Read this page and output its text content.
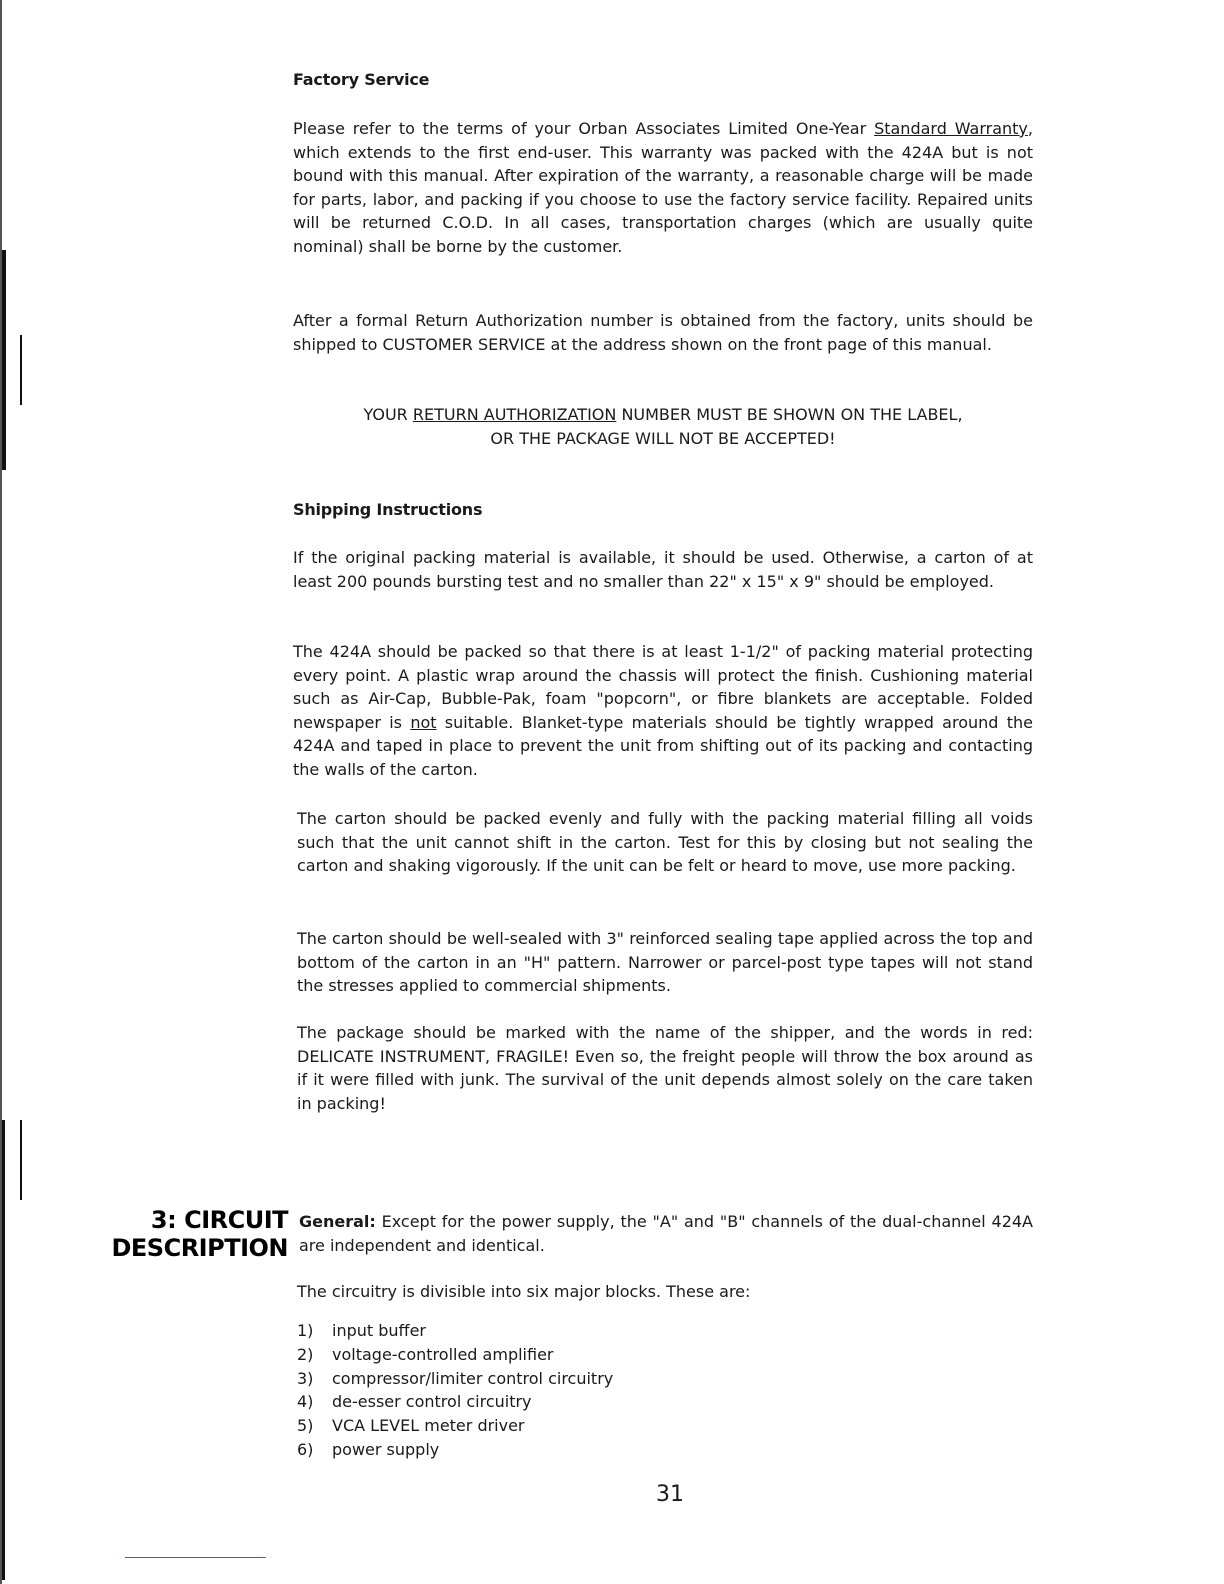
Factory Service

Please refer to the terms of your Orban Associates Limited One-Year Standard Warranty, which extends to the first end-user. This warranty was packed with the 424A but is not bound with this manual. After expiration of the warranty, a reasonable charge will be made for parts, labor, and packing if you choose to use the factory service facility. Repaired units will be returned C.O.D. In all cases, transportation charges (which are usually quite nominal) shall be borne by the customer.

After a formal Return Authorization number is obtained from the factory, units should be shipped to CUSTOMER SERVICE at the address shown on the front page of this manual.

YOUR RETURN AUTHORIZATION NUMBER MUST BE SHOWN ON THE LABEL,
OR THE PACKAGE WILL NOT BE ACCEPTED!
Shipping Instructions

If the original packing material is available, it should be used. Otherwise, a carton of at least 200 pounds bursting test and no smaller than 22" x 15" x 9" should be employed.

The 424A should be packed so that there is at least 1-1/2" of packing material protecting every point. A plastic wrap around the chassis will protect the finish. Cushioning material such as Air-Cap, Bubble-Pak, foam "popcorn", or fibre blankets are acceptable. Folded newspaper is not suitable. Blanket-type materials should be tightly wrapped around the 424A and taped in place to prevent the unit from shifting out of its packing and contacting the walls of the carton.

The carton should be packed evenly and fully with the packing material filling all voids such that the unit cannot shift in the carton. Test for this by closing but not sealing the carton and shaking vigorously. If the unit can be felt or heard to move, use more packing.

The carton should be well-sealed with 3" reinforced sealing tape applied across the top and bottom of the carton in an "H" pattern. Narrower or parcel-post type tapes will not stand the stresses applied to commercial shipments.

The package should be marked with the name of the shipper, and the words in red: DELICATE INSTRUMENT, FRAGILE! Even so, the freight people will throw the box around as if it were filled with junk. The survival of the unit depends almost solely on the care taken in packing!

3: CIRCUIT
DESCRIPTION

General: Except for the power supply, the "A" and "B" channels of the dual-channel 424A are independent and identical.

The circuitry is divisible into six major blocks. These are:

1) input buffer
2) voltage-controlled amplifier
3) compressor/limiter control circuitry
4) de-esser control circuitry
5) VCA LEVEL meter driver
6) power supply
31
